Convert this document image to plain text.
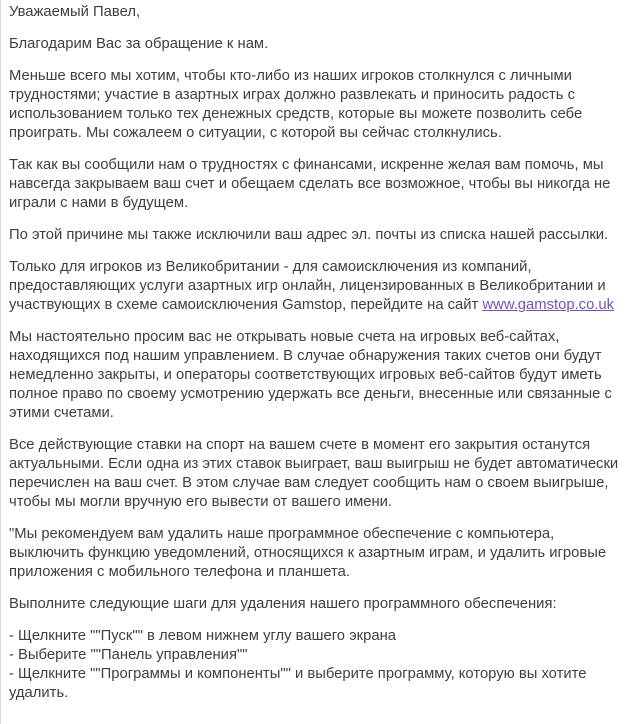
Уважаемый Павел,

Благодарим Вас за обращение к нам.

Меньше всего мы хотим, чтобы кто-либо из наших игроков столкнулся с личными трудностями; участие в азартных играх должно развлекать и приносить радость с использованием только тех денежных средств, которые вы можете позволить себе проиграть. Мы сожалеем о ситуации, с которой вы сейчас столкнулись.

Так как вы сообщили нам о трудностях с финансами, искренне желая вам помочь, мы навсегда закрываем ваш счет и обещаем сделать все возможное, чтобы вы никогда не играли с нами в будущем.

По этой причине мы также исключили ваш адрес эл. почты из списка нашей рассылки.

Только для игроков из Великобритании - для самоисключения из компаний, предоставляющих услуги азартных игр онлайн, лицензированных в Великобритании и участвующих в схеме самоисключения Gamstop, перейдите на сайт www.gamstop.co.uk

Мы настоятельно просим вас не открывать новые счета на игровых веб-сайтах, находящихся под нашим управлением. В случае обнаружения таких счетов они будут немедленно закрыты, и операторы соответствующих игровых веб-сайтов будут иметь полное право по своему усмотрению удержать все деньги, внесенные или связанные с этими счетами.

Все действующие ставки на спорт на вашем счете в момент его закрытия останутся актуальными. Если одна из этих ставок выиграет, ваш выигрыш не будет автоматически перечислен на ваш счет. В этом случае вам следует сообщить нам о своем выигрыше, чтобы мы могли вручную его вывести от вашего имени.

"Мы рекомендуем вам удалить наше программное обеспечение с компьютера, выключить функцию уведомлений, относящихся к азартным играм, и удалить игровые приложения с мобильного телефона и планшета.

Выполните следующие шаги для удаления нашего программного обеспечения:

- Щелкните ""Пуск"" в левом нижнем углу вашего экрана
- Выберите ""Панель управления""
- Щелкните ""Программы и компоненты"" и выберите программу, которую вы хотите удалить.
